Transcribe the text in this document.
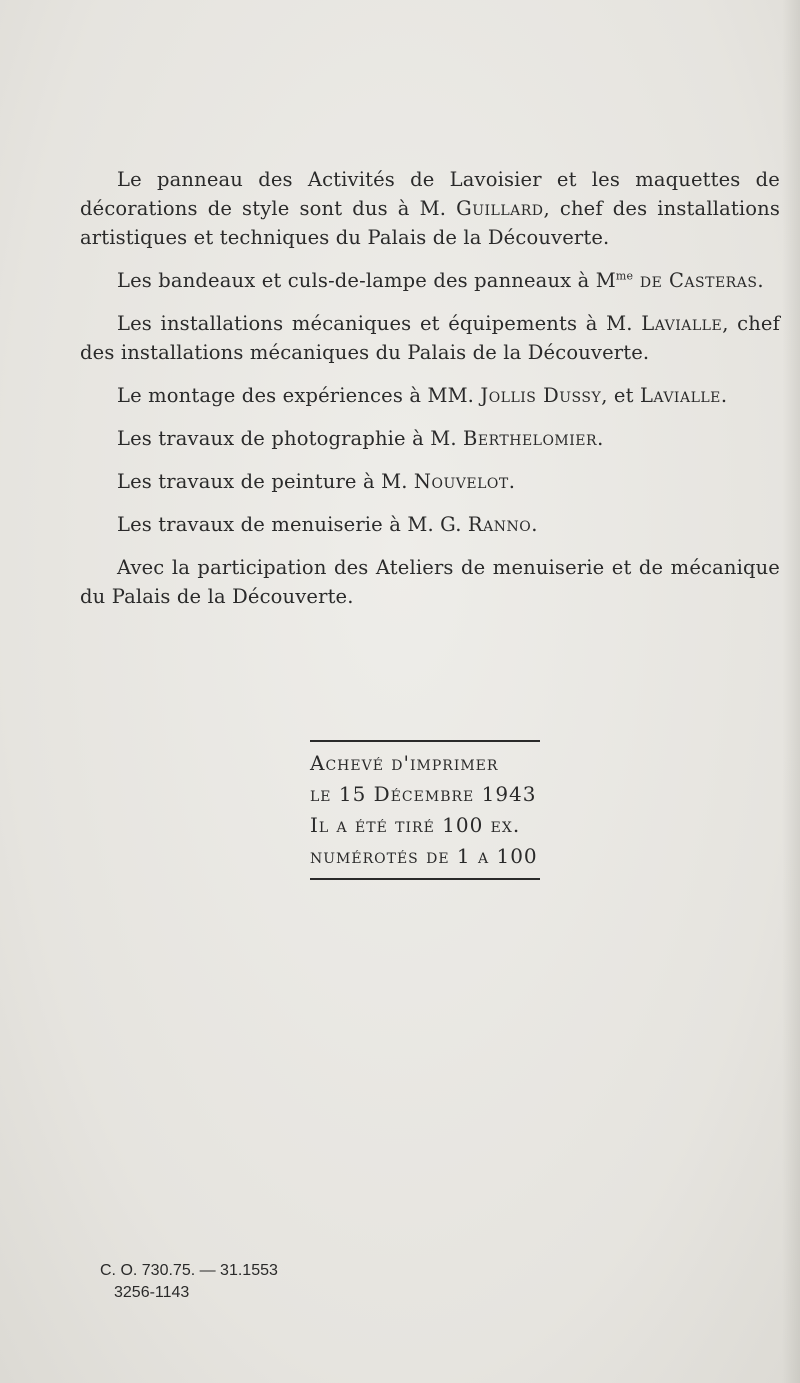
Le panneau des Activités de Lavoisier et les maquettes de décorations de style sont dus à M. Guillard, chef des installations artistiques et techniques du Palais de la Découverte.

Les bandeaux et culs-de-lampe des panneaux à $M^{me}$ de Casteras.

Les installations mécaniques et équipements à M. Lavialle, chef des installations mécaniques du Palais de la Découverte.

Le montage des expériences à MM. Jollis Dussy, et Lavialle.

Les travaux de photographie à M. Berthelomier.

Les travaux de peinture à M. Nouvelot.

Les travaux de menuiserie à M. G. Ranno.

Avec la participation des Ateliers de menuiserie et de mécanique du Palais de la Découverte.

Achevé d'imprimer
le 15 Décembre 1943
Il a été tiré 100 ex.
numérotés de 1 a 100
C. O. 730.75. — 31.1553
3256-1143
